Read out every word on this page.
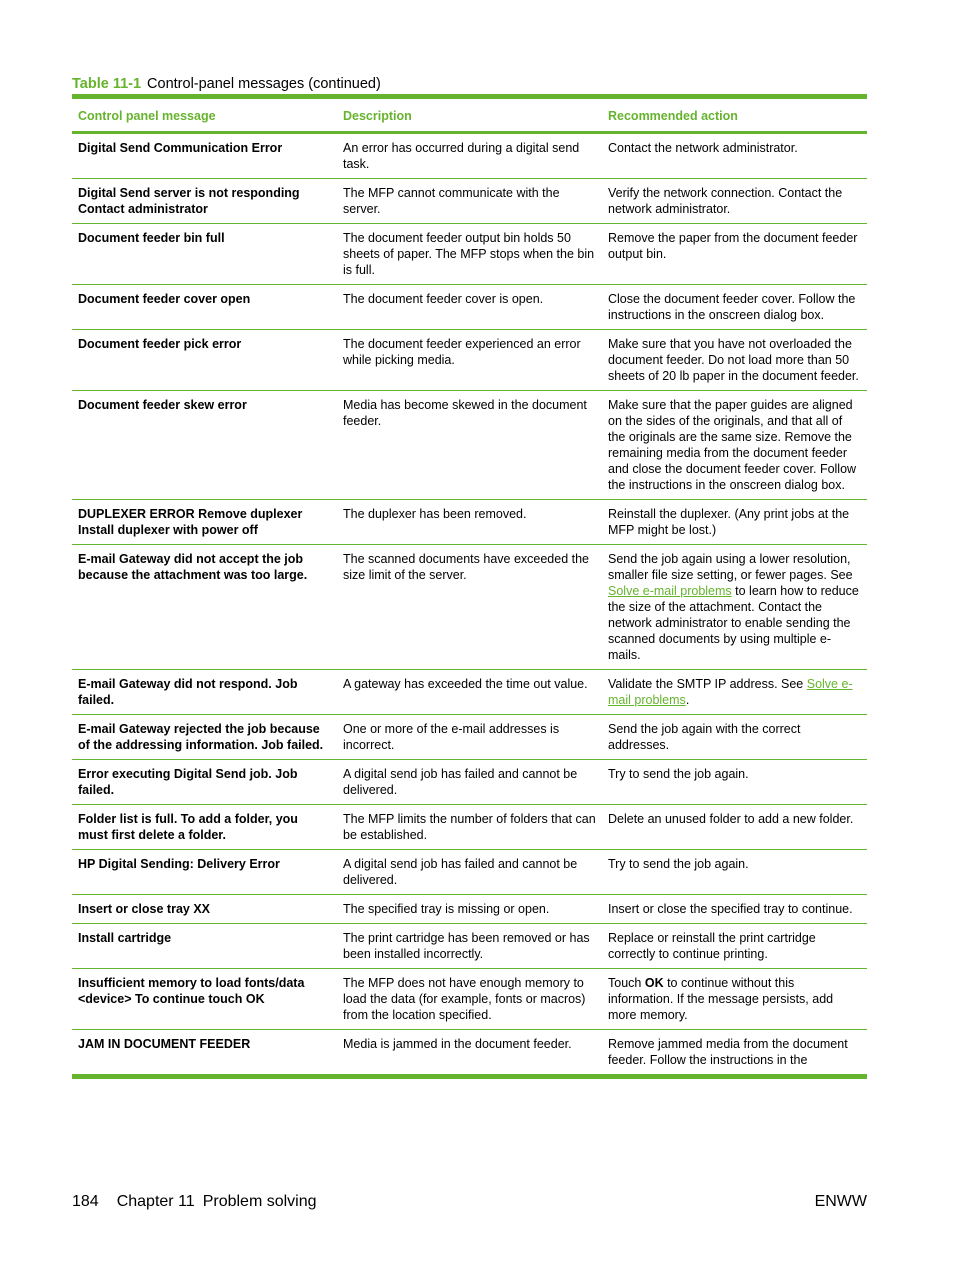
Table 11-1 Control-panel messages (continued)
Control panel message	Description	Recommended action
Digital Send Communication Error	An error has occurred during a digital send task.	Contact the network administrator.
Digital Send server is not responding Contact administrator	The MFP cannot communicate with the server.	Verify the network connection. Contact the network administrator.
Document feeder bin full	The document feeder output bin holds 50 sheets of paper. The MFP stops when the bin is full.	Remove the paper from the document feeder output bin.
Document feeder cover open	The document feeder cover is open.	Close the document feeder cover. Follow the instructions in the onscreen dialog box.
Document feeder pick error	The document feeder experienced an error while picking media.	Make sure that you have not overloaded the document feeder. Do not load more than 50 sheets of 20 lb paper in the document feeder.
Document feeder skew error	Media has become skewed in the document feeder.	Make sure that the paper guides are aligned on the sides of the originals, and that all of the originals are the same size. Remove the remaining media from the document feeder and close the document feeder cover. Follow the instructions in the onscreen dialog box.
DUPLEXER ERROR Remove duplexer Install duplexer with power off	The duplexer has been removed.	Reinstall the duplexer. (Any print jobs at the MFP might be lost.)
E-mail Gateway did not accept the job because the attachment was too large.	The scanned documents have exceeded the size limit of the server.	Send the job again using a lower resolution, smaller file size setting, or fewer pages. See Solve e-mail problems to learn how to reduce the size of the attachment. Contact the network administrator to enable sending the scanned documents by using multiple e-mails.
E-mail Gateway did not respond. Job failed.	A gateway has exceeded the time out value.	Validate the SMTP IP address. See Solve e-mail problems.
E-mail Gateway rejected the job because of the addressing information. Job failed.	One or more of the e-mail addresses is incorrect.	Send the job again with the correct addresses.
Error executing Digital Send job. Job failed.	A digital send job has failed and cannot be delivered.	Try to send the job again.
Folder list is full. To add a folder, you must first delete a folder.	The MFP limits the number of folders that can be established.	Delete an unused folder to add a new folder.
HP Digital Sending: Delivery Error	A digital send job has failed and cannot be delivered.	Try to send the job again.
Insert or close tray XX	The specified tray is missing or open.	Insert or close the specified tray to continue.
Install cartridge	The print cartridge has been removed or has been installed incorrectly.	Replace or reinstall the print cartridge correctly to continue printing.
Insufficient memory to load fonts/data <device> To continue touch OK	The MFP does not have enough memory to load the data (for example, fonts or macros) from the location specified.	Touch OK to continue without this information. If the message persists, add more memory.
JAM IN DOCUMENT FEEDER	Media is jammed in the document feeder.	Remove jammed media from the document feeder. Follow the instructions in the
184 Chapter 11 Problem solving	ENWW
